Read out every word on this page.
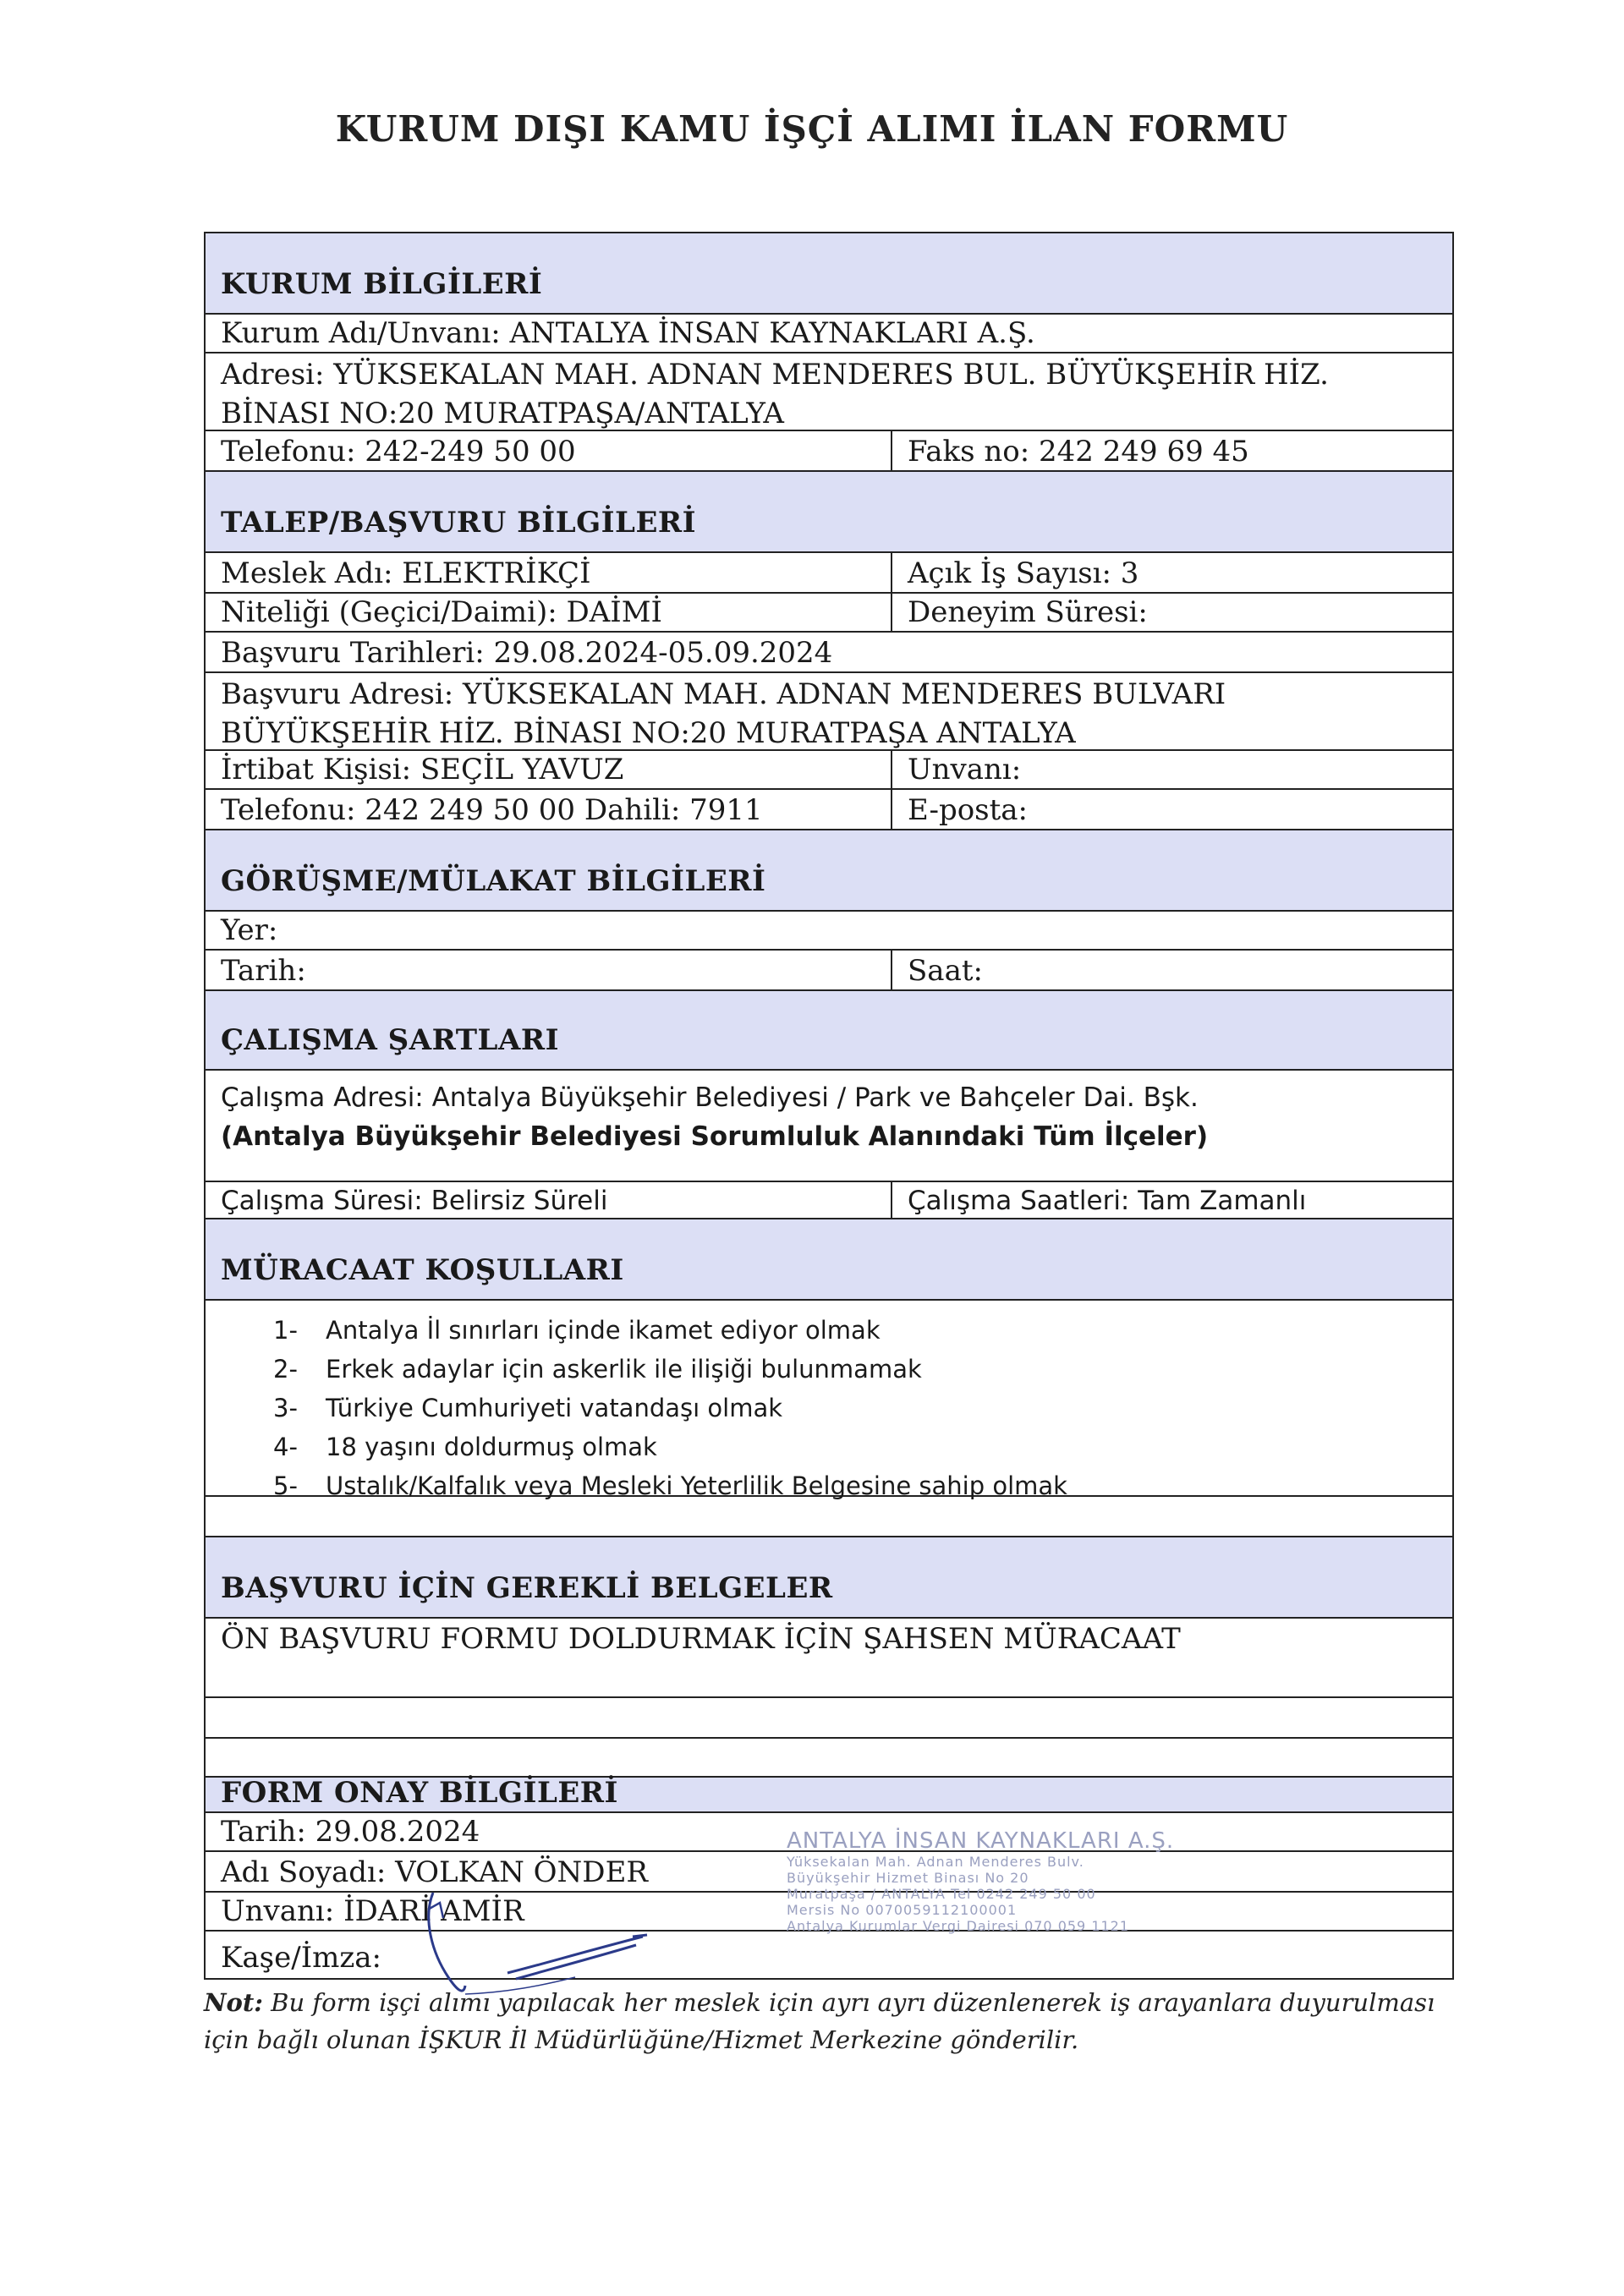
KURUM DIŞI KAMU İŞÇİ ALIMI İLAN FORMU
KURUM BİLGİLERİ
Kurum Adı/Unvanı: ANTALYA İNSAN KAYNAKLARI A.Ş.
Adresi: YÜKSEKALAN MAH. ADNAN MENDERES BUL. BÜYÜKŞEHİR HİZ. BİNASI NO:20 MURATPAŞA/ANTALYA
Telefonu: 242-249 50 00	Faks no: 242 249 69 45
TALEP/BAŞVURU BİLGİLERİ
Meslek Adı: ELEKTRİKÇİ	Açık İş Sayısı: 3
Niteliği (Geçici/Daimi): DAİMİ	Deneyim Süresi:
Başvuru Tarihleri: 29.08.2024-05.09.2024
Başvuru Adresi: YÜKSEKALAN MAH. ADNAN MENDERES BULVARI BÜYÜKŞEHİR HİZ. BİNASI NO:20 MURATPAŞA ANTALYA
İrtibat Kişisi: SEÇİL YAVUZ	Unvanı:
Telefonu: 242 249 50 00 Dahili: 7911	E-posta:
GÖRÜŞME/MÜLAKAT BİLGİLERİ
Yer:
Tarih:	Saat:
ÇALIŞMA ŞARTLARI
Çalışma Adresi: Antalya Büyükşehir Belediyesi / Park ve Bahçeler Dai. Bşk.
(Antalya Büyükşehir Belediyesi Sorumluluk Alanındaki Tüm İlçeler)
Çalışma Süresi: Belirsiz Süreli	Çalışma Saatleri: Tam Zamanlı
MÜRACAAT KOŞULLARI
1- Antalya İl sınırları içinde ikamet ediyor olmak
2- Erkek adaylar için askerlik ile ilişiği bulunmamak
3- Türkiye Cumhuriyeti vatandaşı olmak
4- 18 yaşını doldurmuş olmak
5- Ustalık/Kalfalık veya Mesleki Yeterlilik Belgesine sahip olmak
BAŞVURU İÇİN GEREKLİ BELGELER
ÖN BAŞVURU FORMU DOLDURMAK İÇİN ŞAHSEN MÜRACAAT
FORM ONAY BİLGİLERİ
Tarih: 29.08.2024
Adı Soyadı: VOLKAN ÖNDER
Unvanı: İDARİ AMİR
Kaşe/İmza:
ANTALYA İNSAN KAYNAKLARI A.Ş.
Yüksekalan Mah. Adnan Menderes Bulv.
Büyükşehir Hizmet Binası No 20
Muratpaşa / ANTALYA Tel 0242 249 50 00
Mersis No 0070059112100001
Antalya Kurumlar Vergi Dairesi 070 059 1121
Not: Bu form işçi alımı yapılacak her meslek için ayrı ayrı düzenlenerek iş arayanlara duyurulması için bağlı olunan İŞKUR İl Müdürlüğüne/Hizmet Merkezine gönderilir.
